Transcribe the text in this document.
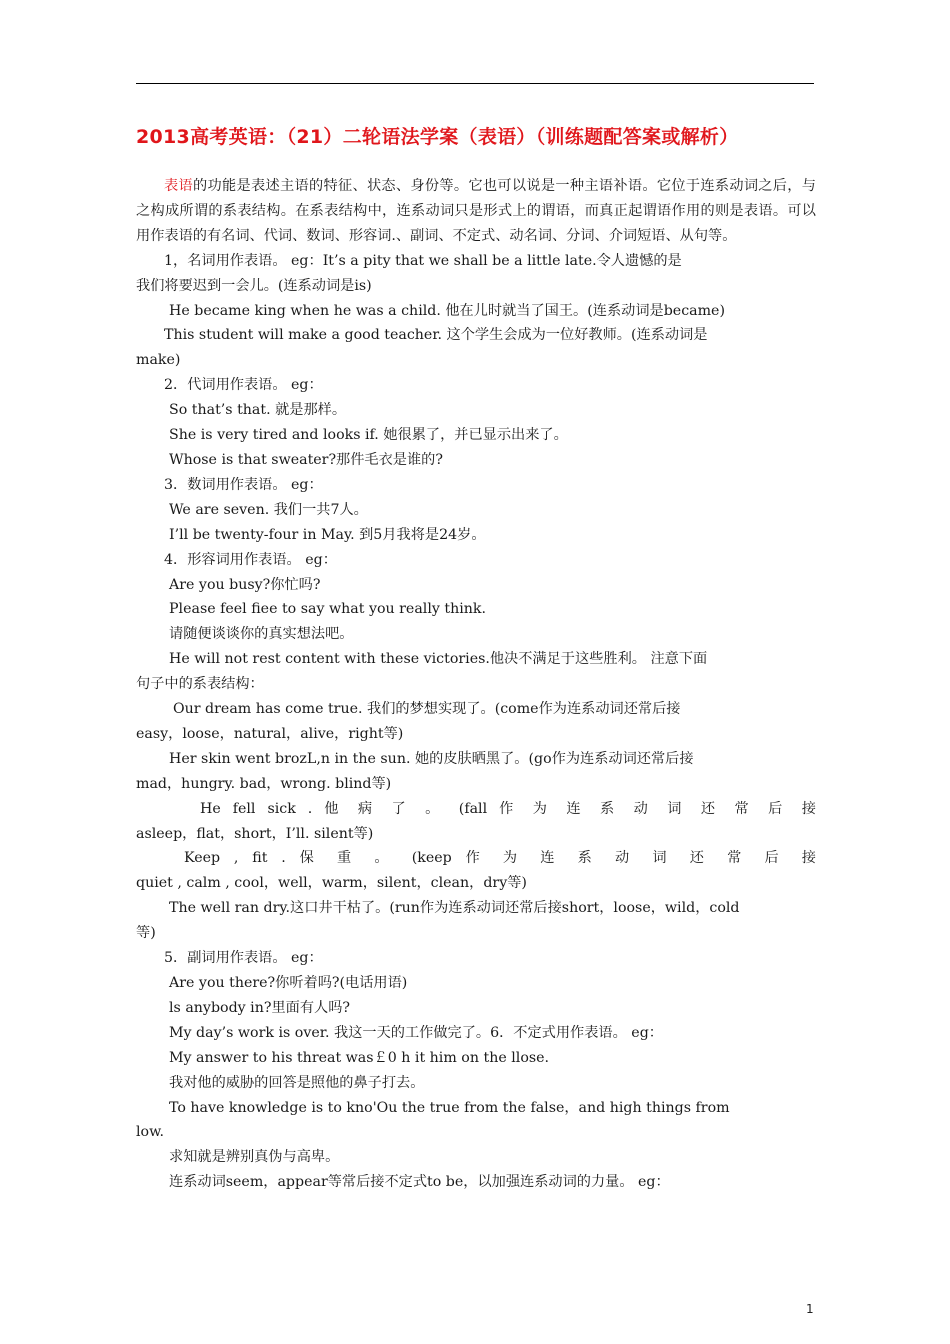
2013高考英语：（21）二轮语法学案（表语）（训练题配答案或解析）

表语的功能是表述主语的特征、状态、身份等。它也可以说是一种主语补语。它位于连系动词之后，与之构成所谓的系表结构。在系表结构中，连系动词只是形式上的谓语，而真正起谓语作用的则是表语。可以用作表语的有名词、代词、数词、形容词.、副词、不定式、动名词、分词、介词短语、从句等。

1，名词用作表语。 eg：It’s a pity that we shall be a little late.令人遗憾的是

我们将要迟到一会儿。(连系动词是is)

He became king when he was a child. 他在儿时就当了国王。(连系动词是became)

This student will make a good teacher. 这个学生会成为一位好教师。(连系动词是

make)

2．代词用作表语。 eg：

So that’s that. 就是那样。

She is very tired and looks if. 她很累了，并已显示出来了。

Whose is that sweater?那件毛衣是谁的?

3．数词用作表语。 eg：

We are seven. 我们一共7人。

I’ll be twenty-four in May. 到5月我将是24岁。

4．形容词用作表语。 eg：

Are you busy?你忙吗?

Please feel fiee to say what you really think.

请随便谈谈你的真实想法吧。

He will not rest content with these victories.他决不满足于这些胜利。 注意下面

句子中的系表结构：

Our dream has come true. 我们的梦想实现了。(come作为连系动词还常后接

easy，loose，natural，alive，right等)

Her skin went brozL,n in the sun. 她的皮肤晒黑了。(go作为连系动词还常后接

mad，hungry. bad，wrong. blind等)

He fell sick . 他 病 了 。 (fall 作 为 连 系 动 词 还 常 后 接

asleep，flat，short，I’ll. silent等)

Keep , fit . 保 重 。 (keep 作 为 连 系 动 词 还 常 后 接

quiet , calm , cool，well，warm，silent，clean，dry等)

The well ran dry.这口井干枯了。(run作为连系动词还常后接short，loose，wild，cold

等)

5．副词用作表语。 eg：

Are you there?你听着吗?(电话用语)

ls anybody in?里面有人吗?

My day’s work is over. 我这一天的工作做完了。6．不定式用作表语。 eg：

My answer to his threat was￡0 h it him on the llose.

我对他的威胁的回答是照他的鼻子打去。

To have knowledge is to kno'Ou the true from the false，and high things from

low.

求知就是辨别真伪与高卑。

连系动词seem，appear等常后接不定式to be，以加强连系动词的力量。 eg：

1
